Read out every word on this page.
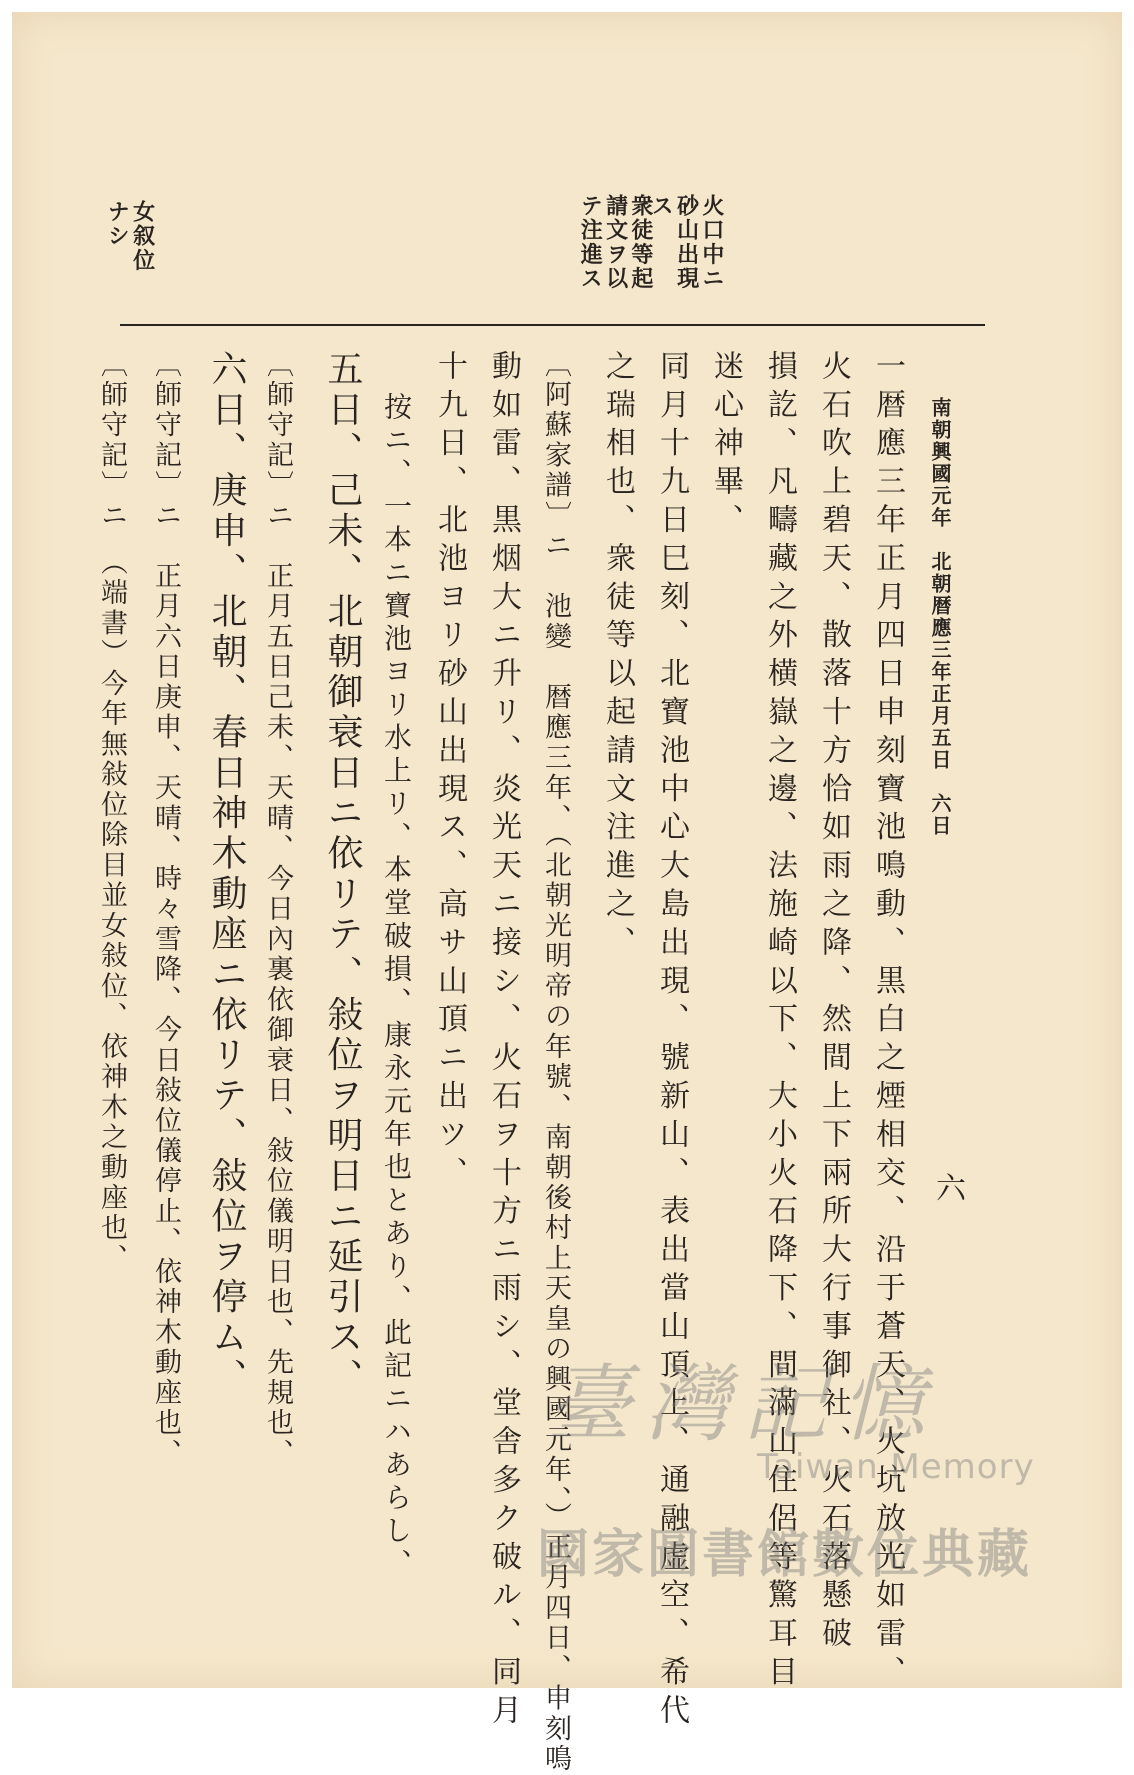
南朝興國元年　北朝暦應三年正月五日　六日
六
火口中ニ砂山出現ス
衆徒等起請文ヲ以テ注進ス
女叙位ナシ
一暦應三年正月四日申刻寶池鳴動、黒白之煙相交、沿于蒼天、火坑放光如雷、
火石吹上碧天、散落十方恰如雨之降、然間上下兩所大行事御社、火石落懸破
損訖、凡疇藏之外横嶽之邊、法施崎以下、大小火石降下、間滿山住侶等驚耳目
迷心神畢、
同月十九日巳刻、北寶池中心大島出現、號新山、表出當山頂上、通融虚空、希代
之瑞相也、衆徒等以起請文注進之、
〔阿蘇家譜〕ニ　池變　暦應三年、（北朝光明帝の年號、南朝後村上天皇の興國元年、）正月四日、申刻鳴
動如雷、黒烟大ニ升リ、炎光天ニ接シ、火石ヲ十方ニ雨シ、堂舎多ク破ル、同月
十九日、北池ヨリ砂山出現ス、高サ山頂ニ出ツ、
按ニ、一本ニ寶池ヨリ水上リ、本堂破損、康永元年也とあり、此記ニハあらし、
五日、己未、北朝御衰日ニ依リテ、敍位ヲ明日ニ延引ス、
〔師守記〕ニ　正月五日己未、天晴、今日內裏依御衰日、敍位儀明日也、先規也、
六日、庚申、北朝、春日神木動座ニ依リテ、敍位ヲ停ム、
〔師守記〕ニ　正月六日庚申、天晴、時々雪降、今日敍位儀停止、依神木動座也、
〔師守記〕ニ　（端書）今年無敍位除目並女敍位、依神木之動座也、
臺灣記憶
Taiwan Memory
國家圖書館數位典藏
